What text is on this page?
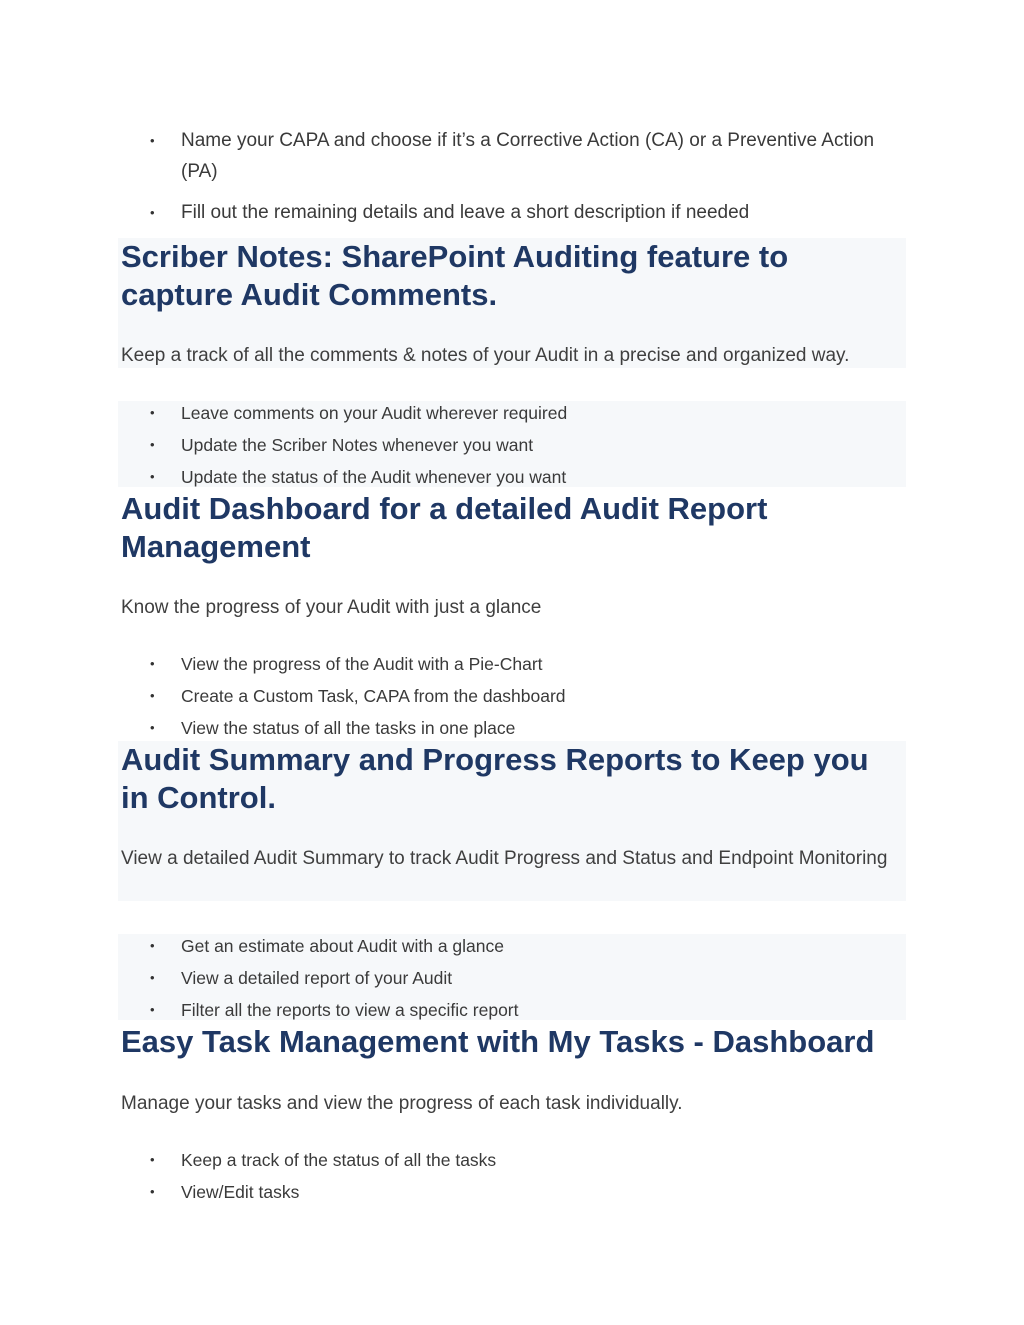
• Name your CAPA and choose if it’s a Corrective Action (CA) or a Preventive Action (PA)
• Fill out the remaining details and leave a short description if needed
Scriber Notes: SharePoint Auditing feature to capture Audit Comments.

Keep a track of all the comments & notes of your Audit in a precise and organized way.

• Leave comments on your Audit wherever required
• Update the Scriber Notes whenever you want
• Update the status of the Audit whenever you want
Audit Dashboard for a detailed Audit Report Management

Know the progress of your Audit with just a glance

• View the progress of the Audit with a Pie-Chart
• Create a Custom Task, CAPA from the dashboard
• View the status of all the tasks in one place
Audit Summary and Progress Reports to Keep you in Control.

View a detailed Audit Summary to track Audit Progress and Status and Endpoint Monitoring

• Get an estimate about Audit with a glance
• View a detailed report of your Audit
• Filter all the reports to view a specific report
Easy Task Management with My Tasks - Dashboard

Manage your tasks and view the progress of each task individually.

• Keep a track of the status of all the tasks
• View/Edit tasks
